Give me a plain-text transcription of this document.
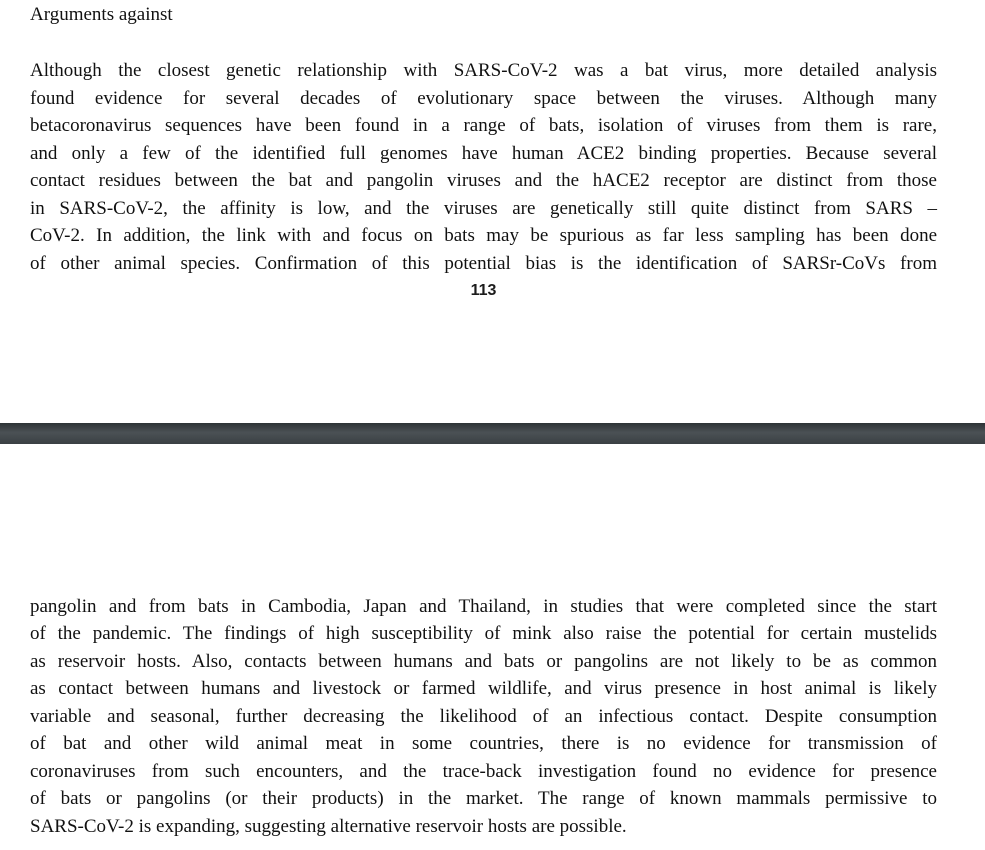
Arguments against
Although the closest genetic relationship with SARS-CoV-2 was a bat virus, more detailed analysis
found evidence for several decades of evolutionary space between the viruses. Although many
betacoronavirus sequences have been found in a range of bats, isolation of viruses from them is rare,
and only a few of the identified full genomes have human ACE2 binding properties. Because several
contact residues between the bat and pangolin viruses and the hACE2 receptor are distinct from those
in SARS-CoV-2, the affinity is low, and the viruses are genetically still quite distinct from SARS –
CoV-2. In addition, the link with and focus on bats may be spurious as far less sampling has been done
of other animal species. Confirmation of this potential bias is the identification of SARSr-CoVs from
113
pangolin and from bats in Cambodia, Japan and Thailand, in studies that were completed since the start
of the pandemic. The findings of high susceptibility of mink also raise the potential for certain mustelids
as reservoir hosts. Also, contacts between humans and bats or pangolins are not likely to be as common
as contact between humans and livestock or farmed wildlife, and virus presence in host animal is likely
variable and seasonal, further decreasing the likelihood of an infectious contact. Despite consumption
of bat and other wild animal meat in some countries, there is no evidence for transmission of
coronaviruses from such encounters, and the trace-back investigation found no evidence for presence
of bats or pangolins (or their products) in the market. The range of known mammals permissive to
SARS-CoV-2 is expanding, suggesting alternative reservoir hosts are possible.
